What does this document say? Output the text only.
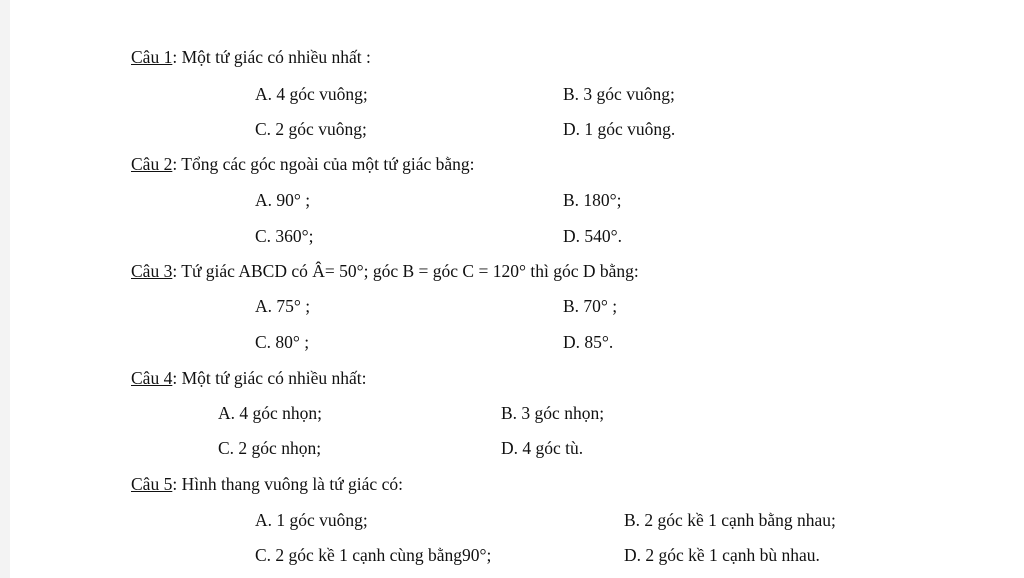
Câu 1: Một tứ giác có nhiều nhất :
A. 4 góc vuông;	B. 3 góc vuông;
C. 2 góc vuông;	D. 1 góc vuông.
Câu 2: Tổng các góc ngoài của một tứ giác bằng:
A. 90° ;	B. 180°;
C. 360°;	D. 540°.
Câu 3: Tứ giác ABCD có Â= 50°; góc B = góc C = 120° thì góc D bằng:
A. 75° ;	B. 70° ;
C. 80° ;	D. 85°.
Câu 4: Một tứ giác có nhiều nhất:
A. 4 góc nhọn;	B. 3 góc nhọn;
C. 2 góc nhọn;	D. 4 góc tù.
Câu 5: Hình thang vuông là tứ giác có:
A. 1 góc vuông;	B. 2 góc kề 1 cạnh bằng nhau;
C. 2 góc kề 1 cạnh cùng bằng90°;	D. 2 góc kề 1 cạnh bù nhau.
